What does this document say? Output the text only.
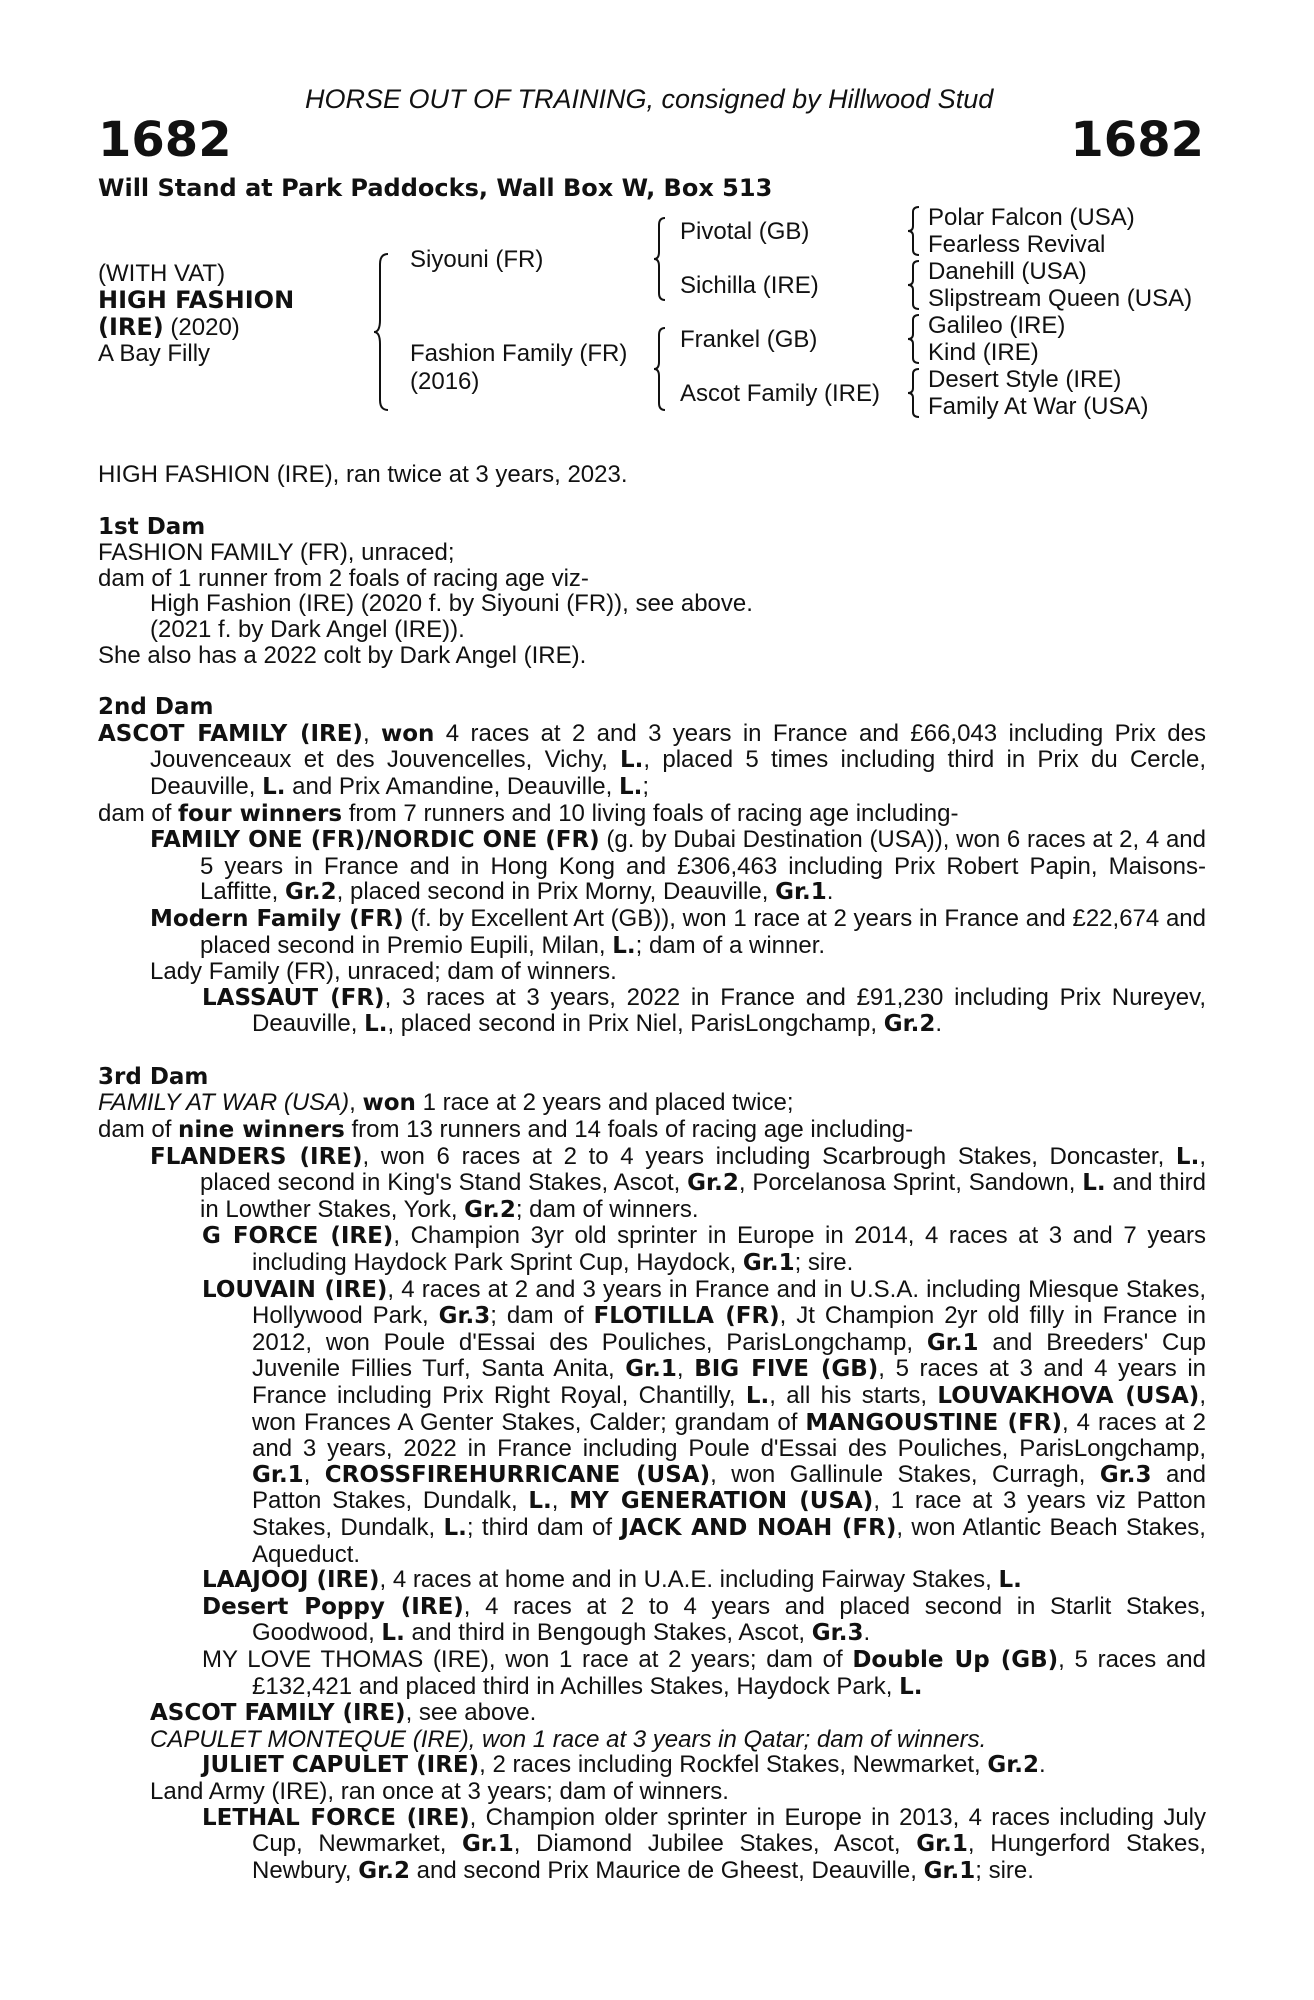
HORSE OUT OF TRAINING, consigned by Hillwood Stud
1682	1682
Will Stand at Park Paddocks, Wall Box W, Box 513
(WITH VAT)
HIGH FASHION
(IRE) (2020)
A Bay Filly
Siyouni (FR)
Fashion Family (FR)
(2016)
Pivotal (GB)
Sichilla (IRE)
Frankel (GB)
Ascot Family (IRE)
Polar Falcon (USA)
Fearless Revival
Danehill (USA)
Slipstream Queen (USA)
Galileo (IRE)
Kind (IRE)
Desert Style (IRE)
Family At War (USA)

HIGH FASHION (IRE), ran twice at 3 years, 2023.

1st Dam

FASHION FAMILY (FR), unraced;

dam of 1 runner from 2 foals of racing age viz-

High Fashion (IRE) (2020 f. by Siyouni (FR)), see above.

(2021 f. by Dark Angel (IRE)).

She also has a 2022 colt by Dark Angel (IRE).

2nd Dam

ASCOT FAMILY (IRE), won 4 races at 2 and 3 years in France and £66,043 including Prix des Jouvenceaux et des Jouvencelles, Vichy, L., placed 5 times including third in Prix du Cercle, Deauville, L. and Prix Amandine, Deauville, L.;

dam of four winners from 7 runners and 10 living foals of racing age including-

FAMILY ONE (FR)/NORDIC ONE (FR) (g. by Dubai Destination (USA)), won 6 races at 2, 4 and 5 years in France and in Hong Kong and £306,463 including Prix Robert Papin, Maisons-Laffitte, Gr.2, placed second in Prix Morny, Deauville, Gr.1.

Modern Family (FR) (f. by Excellent Art (GB)), won 1 race at 2 years in France and £22,674 and placed second in Premio Eupili, Milan, L.; dam of a winner.

Lady Family (FR), unraced; dam of winners.

LASSAUT (FR), 3 races at 3 years, 2022 in France and £91,230 including Prix Nureyev, Deauville, L., placed second in Prix Niel, ParisLongchamp, Gr.2.

3rd Dam

FAMILY AT WAR (USA), won 1 race at 2 years and placed twice;

dam of nine winners from 13 runners and 14 foals of racing age including-

FLANDERS (IRE), won 6 races at 2 to 4 years including Scarbrough Stakes, Doncaster, L., placed second in King's Stand Stakes, Ascot, Gr.2, Porcelanosa Sprint, Sandown, L. and third in Lowther Stakes, York, Gr.2; dam of winners.

G FORCE (IRE), Champion 3yr old sprinter in Europe in 2014, 4 races at 3 and 7 years including Haydock Park Sprint Cup, Haydock, Gr.1; sire.

LOUVAIN (IRE), 4 races at 2 and 3 years in France and in U.S.A. including Miesque Stakes, Hollywood Park, Gr.3; dam of FLOTILLA (FR), Jt Champion 2yr old filly in France in 2012, won Poule d'Essai des Pouliches, ParisLongchamp, Gr.1 and Breeders' Cup Juvenile Fillies Turf, Santa Anita, Gr.1, BIG FIVE (GB), 5 races at 3 and 4 years in France including Prix Right Royal, Chantilly, L., all his starts, LOUVAKHOVA (USA), won Frances A Genter Stakes, Calder; grandam of MANGOUSTINE (FR), 4 races at 2 and 3 years, 2022 in France including Poule d'Essai des Pouliches, ParisLongchamp, Gr.1, CROSSFIREHURRICANE (USA), won Gallinule Stakes, Curragh, Gr.3 and Patton Stakes, Dundalk, L., MY GENERATION (USA), 1 race at 3 years viz Patton Stakes, Dundalk, L.; third dam of JACK AND NOAH (FR), won Atlantic Beach Stakes, Aqueduct.

LAAJOOJ (IRE), 4 races at home and in U.A.E. including Fairway Stakes, L.

Desert Poppy (IRE), 4 races at 2 to 4 years and placed second in Starlit Stakes, Goodwood, L. and third in Bengough Stakes, Ascot, Gr.3.

MY LOVE THOMAS (IRE), won 1 race at 2 years; dam of Double Up (GB), 5 races and £132,421 and placed third in Achilles Stakes, Haydock Park, L.

ASCOT FAMILY (IRE), see above.

CAPULET MONTEQUE (IRE), won 1 race at 3 years in Qatar; dam of winners.

JULIET CAPULET (IRE), 2 races including Rockfel Stakes, Newmarket, Gr.2.

Land Army (IRE), ran once at 3 years; dam of winners.

LETHAL FORCE (IRE), Champion older sprinter in Europe in 2013, 4 races including July Cup, Newmarket, Gr.1, Diamond Jubilee Stakes, Ascot, Gr.1, Hungerford Stakes, Newbury, Gr.2 and second Prix Maurice de Gheest, Deauville, Gr.1; sire.
